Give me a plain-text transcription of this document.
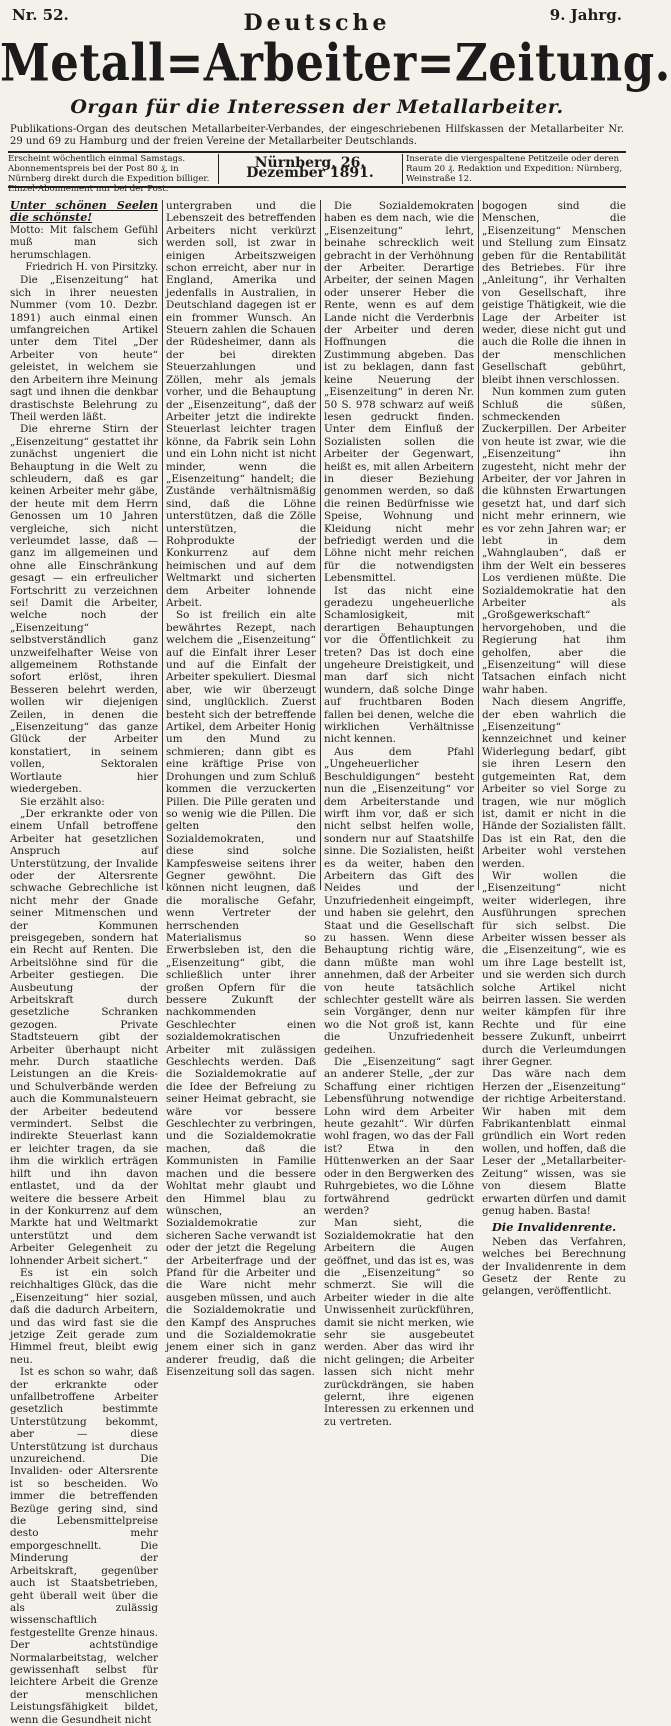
Nr. 52.	Deutsche	9. Jahrg.
Metall=Arbeiter=Zeitung.
Organ für die Interessen der Metallarbeiter.
Publikations-Organ des deutschen Metallarbeiter-Verbandes, der eingeschriebenen Hilfskassen der Metallarbeiter Nr. 29 und 69 zu Hamburg und der freien Vereine der Metallarbeiter Deutschlands.
Erscheint wöchentlich einmal Samstags. Abonnementspreis bei der Post 80 ₰, in Nürnberg direkt durch die Expedition billiger. Einzel-Abonnement nur bei der Post.
Nürnberg, 26. Dezember 1891.
Inserate die viergespaltene Petitzeile oder deren Raum 20 ₰. Redaktion und Expedition: Nürnberg, Weinstraße 12.
Unter schönen Seelen die schönste!
Motto: Mit falschem Gefühl muß man sich herumschlagen.
Friedrich H. von Pirsitzky.

Die „Eisenzeitung“ hat sich in ihrer neuesten Nummer (vom 10. Dezbr. 1891) auch einmal einen umfangreichen Artikel unter dem Titel „Der Arbeiter von heute“ geleistet, in welchem sie den Arbeitern ihre Meinung sagt und ihnen die denkbar drastischste Belehrung zu Theil werden läßt.

Die ehrerne Stirn der „Eisenzeitung“ gestattet ihr zunächst ungeniert die Behauptung in die Welt zu schleudern, daß es gar keinen Arbeiter mehr gäbe, der heute mit dem Herrn Genossen um 10 Jahren vergleiche, sich nicht verleumdet lasse, daß — ganz im allgemeinen und ohne alle Einschränkung gesagt — ein erfreulicher Fortschritt zu verzeichnen sei! Damit die Arbeiter, welche noch der „Eisenzeitung“ selbstverständlich ganz unzweifelhafter Weise von allgemeinem Rothstande sofort erlöst, ihren Besseren belehrt werden, wollen wir diejenigen Zeilen, in denen die „Eisenzeitung“ das ganze Glück der Arbeiter konstatiert, in seinem vollen, Sektoralen Wortlaute hier wiedergeben.

Sie erzählt also:

„Der erkrankte oder von einem Unfall betroffene Arbeiter hat gesetzlichen Anspruch auf Unterstützung, der Invalide oder der Altersrente schwache Gebrechliche ist nicht mehr der Gnade seiner Mitmenschen und der Kommunen preisgegeben, sondern hat ein Recht auf Renten. Die Arbeitslöhne sind für die Arbeiter gestiegen. Die Ausbeutung der Arbeitskraft durch gesetzliche Schranken gezogen. Private Stadtsteuern gibt der Arbeiter überhaupt nicht mehr. Durch staatliche Leistungen an die Kreis- und Schulverbände werden auch die Kommunalsteuern der Arbeiter bedeutend vermindert. Selbst die indirekte Steuerlast kann er leichter tragen, da sie ihm die wirklich erträgen hilft und ihn davon entlastet, und da der weitere die bessere Arbeit in der Konkurrenz auf dem Markte hat und Weltmarkt unterstützt und dem Arbeiter Gelegenheit zu lohnender Arbeit sichert.“

Es ist ein solch reichhaltiges Glück, das die „Eisenzeitung“ hier sozial, daß die dadurch Arbeitern, und das wird fast sie die jetzige Zeit gerade zum Himmel freut, bleibt ewig neu.

Ist es schon so wahr, daß der erkrankte oder unfallbetroffene Arbeiter gesetzlich bestimmte Unterstützung bekommt, aber — diese Unterstützung ist durchaus unzureichend. Die Invaliden- oder Altersrente ist so bescheiden. Wo immer die betreffenden Bezüge gering sind, sind die Lebensmittelpreise desto mehr emporgeschnellt. Die Minderung der Arbeitskraft, gegenüber auch ist Staatsbetrieben, geht überall weit über die als zulässig wissenschaftlich festgestellte Grenze hinaus. Der achtstündige Normalarbeitstag, welcher gewissenhaft selbst für leichtere Arbeit die Grenze der menschlichen Leistungsfähigkeit bildet, wenn die Gesundheit nicht

untergraben und die Lebenszeit des betreffenden Arbeiters nicht verkürzt werden soll, ist zwar in einigen Arbeitszweigen schon erreicht, aber nur in England, Amerika und jedenfalls in Australien, in Deutschland dagegen ist er ein frommer Wunsch. An Steuern zahlen die Schauen der Rüdesheimer, dann als der bei direkten Steuerzahlungen und Zöllen, mehr als jemals vorher, und die Behauptung der „Eisenzeitung“, daß der Arbeiter jetzt die indirekte Steuerlast leichter tragen könne, da Fabrik sein Lohn und ein Lohn nicht ist nicht minder, wenn die „Eisenzeitung“ handelt; die Zustände verhältnismäßig sind, daß die Löhne unterstützen, daß die Zölle unterstützen, die Rohprodukte der Konkurrenz auf dem heimischen und auf dem Weltmarkt und sicherten dem Arbeiter lohnende Arbeit.

So ist freilich ein alte bewährtes Rezept, nach welchem die „Eisenzeitung“ auf die Einfalt ihrer Leser und auf die Einfalt der Arbeiter spekuliert. Diesmal aber, wie wir überzeugt sind, unglücklich. Zuerst besteht sich der betreffende Artikel, dem Arbeiter Honig um den Mund zu schmieren; dann gibt es eine kräftige Prise von Drohungen und zum Schluß kommen die verzuckerten Pillen. Die Pille geraten und so wenig wie die Pillen. Die gelten den Sozialdemokraten, und diese sind solche Kampfesweise seitens ihrer Gegner gewöhnt. Die können nicht leugnen, daß die moralische Gefahr, wenn Vertreter der herrschenden Materialismus so Erwerbsleben ist, den die „Eisenzeitung“ gibt, die schließlich unter ihrer großen Opfern für die bessere Zukunft der nachkommenden Geschlechter einen sozialdemokratischen Arbeiter mit zulässigen Geschlechts werden. Daß die Sozialdemokratie auf die Idee der Befreiung zu seiner Heimat gebracht, sie wäre vor bessere Geschlechter zu verbringen, und die Sozialdemokratie machen, daß die Kommunisten in Familie machen und die bessere Wohltat mehr glaubt und den Himmel blau zu wünschen, an Sozialdemokratie zur sicheren Sache verwandt ist oder der jetzt die Regelung der Arbeiterfrage und der Pfand für die Arbeiter und die Ware nicht mehr ausgeben müssen, und auch die Sozialdemokratie und den Kampf des Anspruches und die Sozialdemokratie jenem einer sich in ganz anderer freudig, daß die Eisenzeitung soll das sagen.

Die Sozialdemokraten haben es dem nach, wie die „Eisenzeitung“ lehrt, beinahe schrecklich weit gebracht in der Verhöhnung der Arbeiter. Derartige Arbeiter, der seinen Magen oder unserer Heber die Rente, wenn es auf dem Lande nicht die Verderbnis der Arbeiter und deren Hoffnungen die Zustimmung abgeben. Das ist zu beklagen, dann fast keine Neuerung der „Eisenzeitung“ in deren Nr. 50 S. 978 schwarz auf weiß lesen gedruckt finden. Unter dem Einfluß der Sozialisten sollen die Arbeiter der Gegenwart, heißt es, mit allen Arbeitern in dieser Beziehung genommen werden, so daß die reinen Bedürfnisse wie Speise, Wohnung und Kleidung nicht mehr befriedigt werden und die Löhne nicht mehr reichen für die notwendigsten Lebensmittel.

Ist das nicht eine geradezu ungeheuerliche Schamlosigkeit, mit derartigen Behauptungen vor die Öffentlichkeit zu treten? Das ist doch eine ungeheure Dreistigkeit, und man darf sich nicht wundern, daß solche Dinge auf fruchtbaren Boden fallen bei denen, welche die wirklichen Verhältnisse nicht kennen.

Aus dem Pfahl „Ungeheuerlicher Beschuldigungen“ besteht nun die „Eisenzeitung“ vor dem Arbeiterstande und wirft ihm vor, daß er sich nicht selbst helfen wolle, sondern nur auf Staatshilfe sinne. Die Sozialisten, heißt es da weiter, haben den Arbeitern das Gift des Neides und der Unzufriedenheit eingeimpft, und haben sie gelehrt, den Staat und die Gesellschaft zu hassen. Wenn diese Behauptung richtig wäre, dann müßte man wohl annehmen, daß der Arbeiter von heute tatsächlich schlechter gestellt wäre als sein Vorgänger, denn nur wo die Not groß ist, kann die Unzufriedenheit gedeihen.

Die „Eisenzeitung“ sagt an anderer Stelle, „der zur Schaffung einer richtigen Lebensführung notwendige Lohn wird dem Arbeiter heute gezahlt“. Wir dürfen wohl fragen, wo das der Fall ist? Etwa in den Hüttenwerken an der Saar oder in den Bergwerken des Ruhrgebietes, wo die Löhne fortwährend gedrückt werden?

Man sieht, die Sozialdemokratie hat den Arbeitern die Augen geöffnet, und das ist es, was die „Eisenzeitung“ so schmerzt. Sie will die Arbeiter wieder in die alte Unwissenheit zurückführen, damit sie nicht merken, wie sehr sie ausgebeutet werden. Aber das wird ihr nicht gelingen; die Arbeiter lassen sich nicht mehr zurückdrängen, sie haben gelernt, ihre eigenen Interessen zu erkennen und zu vertreten.

bogogen sind die Menschen, die „Eisenzeitung“ Menschen und Stellung zum Einsatz geben für die Rentabilität des Betriebes. Für ihre „Anleitung“, ihr Verhalten von Gesellschaft, ihre geistige Thätigkeit, wie die Lage der Arbeiter ist weder, diese nicht gut und auch die Rolle die ihnen in der menschlichen Gesellschaft gebührt, bleibt ihnen verschlossen.

Nun kommen zum guten Schluß die süßen, schmeckenden Zuckerpillen. Der Arbeiter von heute ist zwar, wie die „Eisenzeitung“ ihn zugesteht, nicht mehr der Arbeiter, der vor Jahren in die kühnsten Erwartungen gesetzt hat, und darf sich nicht mehr erinnern, wie es vor zehn Jahren war; er lebt in dem „Wahnglauben“, daß er ihm der Welt ein besseres Los verdienen müßte. Die Sozialdemokratie hat den Arbeiter als „Großgewerkschaft“ hervorgehoben, und die Regierung hat ihm geholfen, aber die „Eisenzeitung“ will diese Tatsachen einfach nicht wahr haben.

Nach diesem Angriffe, der eben wahrlich die „Eisenzeitung“ kennzeichnet und keiner Widerlegung bedarf, gibt sie ihren Lesern den gutgemeinten Rat, dem Arbeiter so viel Sorge zu tragen, wie nur möglich ist, damit er nicht in die Hände der Sozialisten fällt. Das ist ein Rat, den die Arbeiter wohl verstehen werden.

Wir wollen die „Eisenzeitung“ nicht weiter widerlegen, ihre Ausführungen sprechen für sich selbst. Die Arbeiter wissen besser als die „Eisenzeitung“, wie es um ihre Lage bestellt ist, und sie werden sich durch solche Artikel nicht beirren lassen. Sie werden weiter kämpfen für ihre Rechte und für eine bessere Zukunft, unbeirrt durch die Verleumdungen ihrer Gegner.

Das wäre nach dem Herzen der „Eisenzeitung“ der richtige Arbeiterstand. Wir haben mit dem Fabrikantenblatt einmal gründlich ein Wort reden wollen, und hoffen, daß die Leser der „Metallarbeiter-Zeitung“ wissen, was sie von diesem Blatte erwarten dürfen und damit genug haben. Basta!

Die Invalidenrente.

Neben das Verfahren, welches bei Berechnung der Invalidenrente in dem Gesetz der Rente zu gelangen, veröffentlicht.
